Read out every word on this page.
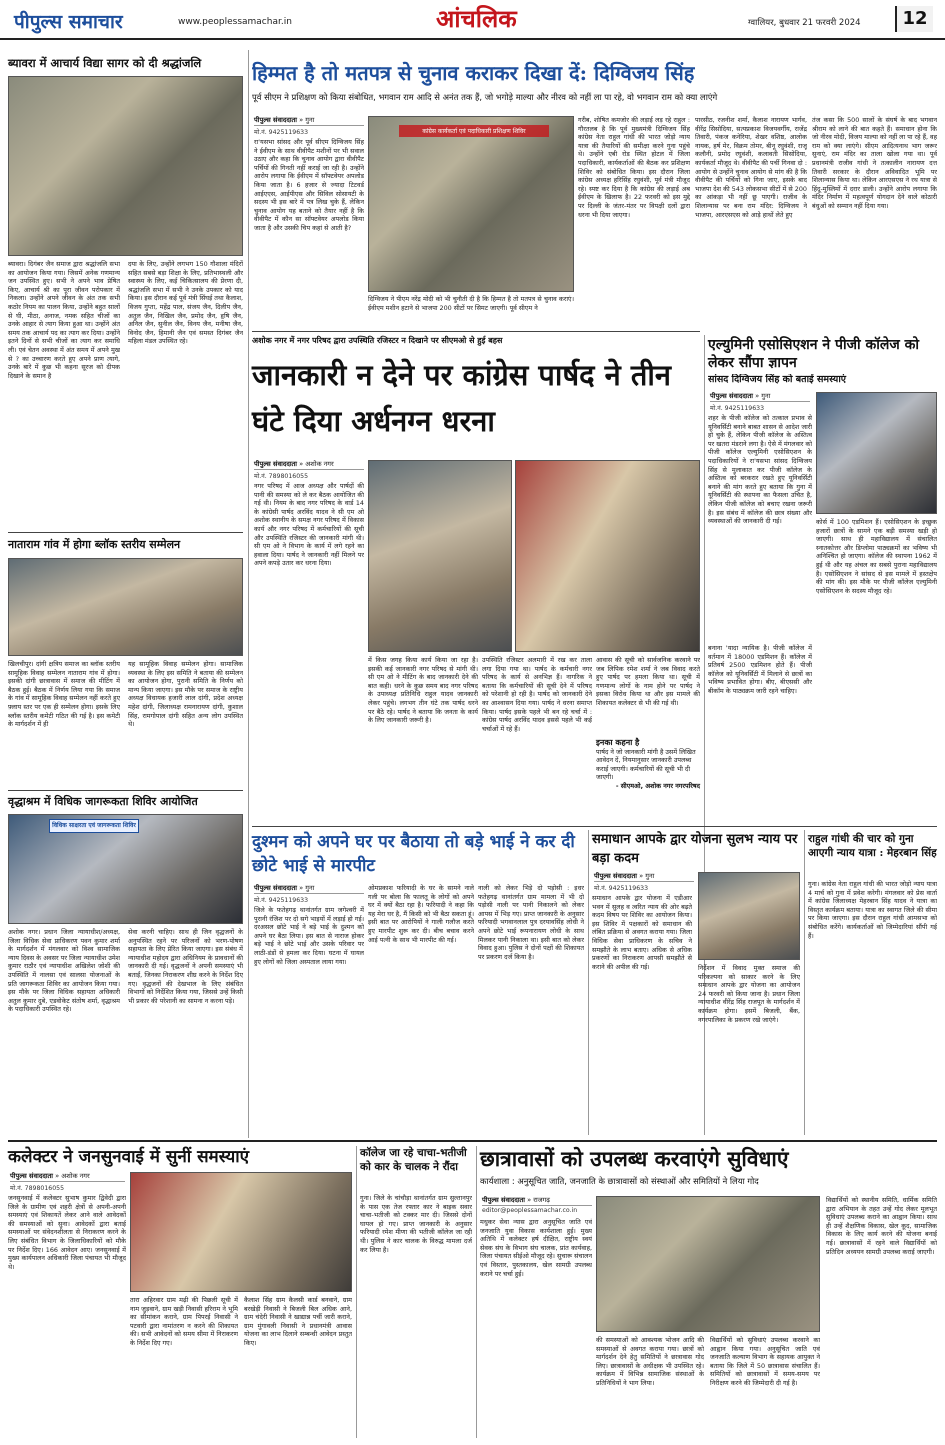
पीपुल्स समाचार	www.peoplessamachar.in	आंचलिक	ग्वालियर, बुधवार 21 फरवरी 2024	12
ब्यावरा में आचार्य विद्या सागर को दी श्रद्धांजलि
ब्यावरा। दिगंबर जैन समाज द्वारा श्रद्धांजलि सभा का आयोजन किया गया। जिसमें अनेक गणमान्य जन उपस्थित हुए। सभी ने अपने भाव प्रेषित किए, आचार्य श्री का पूरा जीवन परोपकार में निकला। उन्होंने अपने जीवन के अंत तक सभी कठोर नियम का पालन किया, उन्होंने बहुत सालों से घी, मीठा, अनाज, नमक सहित चीजों का उनके आहार से त्याग किया हुआ था। उन्होंने अंत समय तक आचार्य पद का त्याग कर दिया। उन्होंने इतने दिनों से सभी चीजों का त्याग कर समाधि ली। एवं चेतन अवस्था में अंत समय में अपने मुख से ? का उच्चारण करते हुए अपने प्राण त्यागे, उनके बारे में कुछ भी कहना सूरज को दीपक दिखाने के समान है
दया के लिए, उन्होंने लगभग 150 गौशाला मंदिरों सहित सबसे बड़ा शिक्षा के लिए, प्रतिभास्थली और स्वास्थ्य के लिए, कई चिकित्सालय की प्रेरणा दी, श्रद्धांजलि सभा में सभी ने उनके उपकार को याद किया। इस दौरान कई पूर्व मंत्री सिंघई तथा कैलाश, विजय गुप्ता, महेंद्र पाल, संजय जैन, दिलीप जैन, अतुल जैन, निखिल जैन, प्रमोद जैन, हृषि जैन, अनिल जैन, सुनील जैन, विनय जैन, मनीषा जैन, विनोद जैन, हिमानी जैन एवं समस्त दिगंबर जैन महिला मंडल उपस्थित रहे।
नाताराम गांव में होगा ब्लॉक स्तरीय सम्मेलन
खिलचीपुर। दांगी क्षत्रिय समाज का ब्लॉक स्तरीय सामूहिक विवाह सम्मेलन नाताराम गांव में होगा। इसकी दांगी छात्रावास में समाज की मीटिंग में बैठक हुई। बैठक में निर्णय लिया गया कि समाज के गांव में सामूहिक विवाह सम्मेलन नहीं करते हुए फ़्लाय स्तर पर एक ही सम्मेलन होगा। इसके लिए ब्लॉक स्तरीय कमेटी गठित की गई है। इस कमेटी के मार्गदर्शन में ही
यह सामूहिक विवाह सम्मेलन होगा। सामाजिक व्यवस्था के लिए इस समिति ने बताया की सम्मेलन का आयोजन होगा, पुरानी समिति के निर्णय को मान्य किया जाएगा। इस मौके पर समाज के राष्ट्रीय अध्यक्ष विधायक हजारी लाल दांगी, प्रदेश अध्यक्ष महेश दांगी, जिलाध्यक्ष रामनारायण दांगी, कुशाल सिंह, रामगोपाल दांगी सहित अन्य लोग उपस्थित थे।
वृद्धाश्रम में विधिक जागरूकता शिविर आयोजित
विधिक साक्षरता एवं जागरूकता शिविर
अशोक नगर। प्रधान जिला न्यायाधीश/अध्यक्ष, जिला विधिक सेवा प्राधिकरण पवन कुमार शर्मा के मार्गदर्शन में मंगलवार को विश्व सामाजिक न्याय दिवस के अवसर पर जिला न्यायाधीश उमेश कुमार राठौर एवं न्यायाधीश अखिलेश जोशी की उपस्थिति में नालसा एवं सालसा योजनाओं के प्रति जागरूकता शिविर का आयोजन किया गया। इस मौके पर जिला विधिक सहायता अधिकारी अतुल कुमार दुबे, एडवोकेट संतोष शर्मा, वृद्धाश्रम के पदाधिकारी उपस्थित रहे।
सेवा करनी चाहिए। साथ ही जिन वृद्धजनों के अनुपस्थित रहने पर परिजनों को भरण-पोषण सहायता के लिए प्रेरित किया जाएगा। इस संबंध में न्यायाधीश महोदय द्वारा अधिनियम के प्रावधानों की जानकारी दी गई। वृद्धजनों ने अपनी समस्याएं भी बताईं, जिनका निराकरण शीघ्र करने के निर्देश दिए गए। वृद्धजनों की देखभाल के लिए संबंधित विभागों को निर्देशित किया गया, जिससे उन्हें किसी भी प्रकार की परेशानी का सामना न करना पड़े।
हिम्मत है तो मतपत्र से चुनाव कराकर दिखा दें: दिग्विजय सिंह
पूर्व सीएम ने प्रशिक्षण को किया संबोधित, भगवान राम आदि से अनंत तक हैं, जो भगोड़े माल्या और नीरव को नहीं ला पा रहे, वो भगवान राम को क्या लाएंगे
पीपुल्स संवाददाता » गुना
मो.नं. 9425119633
रा'यसभा सांसद और पूर्व सीएम दिग्विजय सिंह ने ईवीएम के साथ वीवीपैट मशीनों पर भी सवाल उठाए और कहा कि चुनाव आयोग द्वारा वीवीपैट पर्चियों की गिनती नहीं कराई जा रही है। उन्होंने आरोप लगाया कि ईवीएम में सॉफ्टवेयर अपलोड किया जाता है। 6 हजार से ज्यादा टिटवर्ड आईएएस, आईपीएस और सिविल सोसायटी के सदस्य भी इस बारे में पत्र लिख चुके हैं, लेकिन चुनाव आयोग यह बताने को तैयार नहीं है कि वीवीपैट में कौन सा सॉफ्टवेयर अपलोड किया जाता है और उसकी चिप कहां से आती है?
कांग्रेस कार्यकर्ता एवं पदाधिकारी प्रशिक्षण शिविर
दिग्विजय ने पीएम नरेंद्र मोदी को भी चुनौती दी है कि हिम्मत है तो मतपत्र से चुनाव कराएं। ईवीएम मशीन हटाने से भाजपा 200 सीटों पर सिमट जाएगी। पूर्व सीएम ने
गरीब, शोषित कमजोर की लड़ाई लड़ रहे राहुल : गौरतलब है कि पूर्व मुख्यमंत्री दिग्विजय सिंह कांग्रेस नेता राहुल गांधी की भारत जोड़ो न्याय यात्रा की तैयारियों की समीक्षा करने गुना पहुंचे थे। उन्होंने एबी रोड स्थित होटल में जिला पदाधिकारी, कार्यकर्ताओं की बैठक कर प्रशिक्षण शिविर को संबोधित किया। इस दौरान जिला कांग्रेस अध्यक्ष हरिसिंह रघुवंशी, पूर्व मंत्री मौजूद रहे। स्पष्ट कर दिया है कि कांग्रेस की लड़ाई अब ईवीएम के खिलाफ है। 22 फरवरी को इस मुद्दे पर दिल्ली के जंतर-मंतर पर विपक्षी दलों द्वारा धरना भी दिया जाएगा।
पारसीठ, रजनीश शर्मा, कैलाश नारायण भार्गव, वीरेंद्र सिसोदिया, सत्यप्रकाश विजयवर्गीय, राजेंद्र तिवारी, पंकज कनेरिया, शेखर वशिष्ठ, आलोक नायक, हर्ष मेर, विक्रम तोमर, बीनू रघुवंशी, राजू कलौनी, प्रमोद रघुवंशी, कलावती सिसोदिया, कार्यकर्ता मौजूद थे। वीवीपैट की पर्ची गिनवा दो : आयोग से उन्होंने चुनाव आयोग से मांग की है कि वीवीपैट की पर्चियों को गिना जाए, इसके बाद भाजपा देश की 543 लोकसभा सीटों में से 200 का आंकड़ा भी नहीं छू पाएगी। राजीव के शिलान्यास पर बना राम मंदिर: दिग्विजय ने भाजपा, आरएसएस को आड़े हाथों लेते हुए
तंज कसा कि 500 सालों के संघर्ष के बाद भगवान श्रीराम को लाने की बात कहते हैं। समाधान होना कि जो नीरव मोदी, विजय माल्या को नहीं ला पा रहे हैं, वह राम को क्या लाएंगे। सीएम आदित्यनाथ भाग जरूर सुनाएं, राम मंदिर का ताला खोला गया था। पूर्व प्रधानमंत्री राजीव गांधी ने तत्कालीन नारायण दत्त तिवारी सरकार के दौरान अविवादित भूमि पर शिलान्यास किया था। लेकिन आरएसएस ने रथ यात्रा से हिंदू-मुस्लिमों में दरार डाली। उन्होंने आरोप लगाया कि मंदिर निर्माण में महत्वपूर्ण योगदान देने वाले कोठारी बंधुओं को सम्मान नहीं दिया गया।
अशोक नगर में नगर परिषद द्वारा उपस्थिति रजिस्टर न दिखाने पर सीएमओ से हुई बहस
जानकारी न देने पर कांग्रेस पार्षद ने तीन घंटे दिया अर्धनग्न धरना
पीपुल्स संवाददाता » अशोक नगर
मो.नं. 7898016055
नगर परिषद में आज अध्यक्ष और पार्षदों की पानी की समस्या को ले कर बैठक आयोजित की गई थी। नियम के बाद नगर परिषद के वार्ड 14 के कांग्रेसी पार्षद अरविंद यादव ने सी एम ओ अशोक स्थानीय के समक्ष नगर परिषद में विकास कार्य और नगर परिषद में कर्मचारियों की सूची और उपस्थिति रजिस्टर की जानकारी मांगी थी। सी एम ओ ने विभाग के कार्य में लगे रहने का हवाला दिया। पार्षद ने जानकारी नहीं मिलने पर अपने कपड़े उतार कर धरना दिया।
में किस जगह किया कार्य किया जा रहा है। इसकी कई जानकारी नगर परिषद से मांगी थी। सी एम ओ ने मीटिंग के बाद जानकारी देने की बात कही। धरने के कुछ समय बाद नगर परिषद के उपाध्यक्ष प्रतिनिधि राहुल यादव जानकारी लेकर पहुंचे। लगभग तीन घंटे तक पार्षद धरने पर बैठे रहे। पार्षद ने बताया कि जनता के कार्य के लिए जानकारी जरूरी है।
उपस्थिति रजिस्टर अलमारी में रख कर ताला लगा दिया गया था। पार्षद के कर्मचारी नगर परिषद के कार्य से अनभिज्ञ हैं। नागरिक ने बताया कि कर्मचारियों की सूची देने में परिषद को परेशानी हो रही है। पार्षद को जानकारी देने का आश्वासन दिया गया। पार्षद ने धरना समाप्त किया। पार्षद इसके पहले भी बन रहे चर्चा में : कांग्रेस पार्षद अरविंद यादव इससे पहले भी कई चर्चाओं में रहे हैं।
आवास की सूची को सार्वजनिक करवाने पर जब लिपिक रमेश शर्मा ने जब विवाद करते हुए पार्षद पर हमला किया था। सूची में गणमान्य लोगों के नाम होने पर पार्षद ने इसका विरोध किया था और इस मामले की शिकायत कलेक्टर से भी की गई थी।
इनका कहना है
पार्षद ने जो जानकारी मांगी है उसमें लिखित आवेदन दें, नियमानुसार जानकारी उपलब्ध कराई जाएगी। कर्मचारियों की सूची भी दी जाएगी।
- सीएमओ, अशोक नगर नगरपरिषद
एल्युमिनी एसोसिएशन ने पीजी कॉलेज को लेकर सौंपा ज्ञापन
सांसद दिग्विजय सिंह को बताई समस्याएं
पीपुल्स संवाददाता » गुना
मो.नं. 9425119633
शहर के पीजी कॉलेज को तत्काल प्रभाव से यूनिवर्सिटी बनाने बाबत शासन से आदेश जारी हो चुके हैं, लेकिन पीजी कॉलेज के अस्तित्व पर खतरा मंडराने लगा है। ऐसे में मंगलवार को पीजी कॉलेज एल्युमिनी एसोसिएशन के पदाधिकारियों ने रा'यसभा सांसद दिग्विजय सिंह से मुलाकात कर पीजी कॉलेज के अस्तित्व को बरकरार रखते हुए यूनिवर्सिटी बनाने की मांग करते हुए बताया कि गुना में यूनिवर्सिटी की स्थापना का फैसला उचित है, लेकिन पीजी कॉलेज को बचाए रखना जरूरी है। इस संबंध में कॉलेज की छात्र संख्या और व्यवस्थाओं की जानकारी दी गई।
बनाना 'यादा न्यायिक है। पीजी कॉलेज में वर्तमान में 18000 एडमिशन हैं। कॉलेज में प्रतिवर्ष 2500 एडमिशन होते हैं। पीजी कॉलेज को यूनिवर्सिटी में मिलाने से छात्रों का भविष्य प्रभावित होगा। बीए, बीएससी और बीकॉम के पाठ्यक्रम जारी रहने चाहिए।
कोर्स में 100 एडमिशन हैं। एसोसिएशन के इच्छुक हजारों छात्रों के सामने एक बड़ी समस्या खड़ी हो जाएगी। साथ ही महाविद्यालय में संचालित स्नातकोत्तर और डिप्लोमा पाठ्यक्रमों का भविष्य भी अनिश्चित हो जाएगा। कॉलेज की स्थापना 1962 में हुई थी और यह अंचल का सबसे पुराना महाविद्यालय है। एसोसिएशन ने सांसद से इस मामले में हस्तक्षेप की मांग की। इस मौके पर पीजी कॉलेज एल्युमिनी एसोसिएशन के सदस्य मौजूद रहे।
दुश्मन को अपने घर पर बैठाया तो बड़े भाई ने कर दी छोटे भाई से मारपीट
पीपुल्स संवाददाता » गुना
मो.नं. 9425119633
जिले के फतेहगढ़ थानांतर्गत ग्राम जगेश्वरी में पुरानी रंजिश पर दो सगे भाइयों में लड़ाई हो गई। दरअसल छोटे भाई ने बड़े भाई के दुश्मन को अपने घर बैठा लिया। इस बात से नाराज होकर बड़े भाई ने छोटे भाई और उसके परिवार पर लाठी-डंडों से हमला कर दिया। घटना में घायल हुए लोगों को जिला अस्पताल लाया गया।
ओमप्रकाश फरियादी के घर के सामने नाले गली पर बोला कि फालतू के लोगों को अपने घर में क्यों बैठा रहा है। फरियादी ने कहा कि यह मेरा घर है, मैं किसी को भी बैठा सकता हूं। इसी बात पर आरोपियों ने गाली गलौज करते हुए मारपीट शुरू कर दी। बीच बचाव करने आई पत्नी के साथ भी मारपीट की गई।
नाली को लेकर भिड़े दो पड़ोसी : इधर फतेहगढ़ थानांतर्गत ग्राम मामला में भी दो पड़ोसी नाली पर पानी निकालने को लेकर आपस में भिड़ गए। प्राप्त जानकारी के अनुसार फरियादी भगवानलाल पुत्र दरयावसिंह लोधी ने अपने छोटे भाई रूपनारायण लोधी के साथ मिलकर पानी निकाला था। इसी बात को लेकर विवाद हुआ। पुलिस ने दोनों पक्षों की शिकायत पर प्रकरण दर्ज किया है।
समाधान आपके द्वार योजना सुलभ न्याय पर बड़ा कदम
पीपुल्स संवाददाता » गुना
मो.नं. 9425119633
समाधान आपके द्वार योजना में एडीआर भवन में सुलह व त्वरित न्याय की ओर बढ़ते कदम विषय पर शिविर का आयोजन किया। इस शिविर में पक्षकारों को समाधान की लंबित प्रक्रिया से अवगत कराया गया। जिला विधिक सेवा प्राधिकरण के सचिव ने समझौते के लाभ बताए। अधिक से अधिक प्रकरणों का निराकरण आपसी समझौते से कराने की अपील की गई।	निर्देशन में विवाद मुक्त समाज की परिकल्पना को साकार करने के लिए समाधान आपके द्वार योजना का आयोजन 24 फरवरी को किया जाना है। प्रधान जिला न्यायाधीश वीरेंद्र सिंह राजपूत के मार्गदर्शन में कार्यक्रम होगा। इसमें बिजली, बैंक, नगरपालिका के प्रकरण रखे जाएंगे।
राहुल गांधी की चार को गुना आएगी न्याय यात्रा : मेहरबान सिंह
गुना। कांग्रेस नेता राहुल गांधी की भारत जोड़ो न्याय यात्रा 4 मार्च को गुना में प्रवेश करेगी। मंगलवार को प्रेस वार्ता में कांग्रेस जिलाध्यक्ष मेहरबान सिंह यादव ने यात्रा का विस्तृत कार्यक्रम बताया। यात्रा का स्वागत जिले की सीमा पर किया जाएगा। इस दौरान राहुल गांधी आमसभा को संबोधित करेंगे। कार्यकर्ताओं को जिम्मेदारियां सौंपी गई हैं।
कलेक्टर ने जनसुनवाई में सुनीं समस्याएं
पीपुल्स संवाददाता » अशोक नगर
मो.नं. 7898016055
जनसुनवाई में कलेक्टर सुभाष कुमार द्विवेदी द्वारा जिले के ग्रामीण एवं शहरी क्षेत्रों से अपनी-अपनी समस्याएं एवं शिकायतें लेकर आने वाले आवेदकों की समस्याओं को सुना। आवेदकों द्वारा बताई समस्याओं पर संवेदनशीलता से निराकरण करने के लिए संबंधित विभाग के जिलाधिकारियों को मौके पर निर्देश दिए। 166 आवेदन आए। जनसुनवाई में मुख्य कार्यपालन अधिकारी जिला पंचायत भी मौजूद थे।
तारा अहिरवार ग्राम मढ़ी की पिछली सूची में नाम जुड़वाने, ग्राम खड़ी निवासी हरिराम ने भूमि का सीमांकन कराने, ग्राम पिपरई निवासी ने पटवारी द्वारा नामांतरण न करने की शिकायत की। सभी आवेदनों को समय सीमा में निराकरण के निर्देश दिए गए।
कैलाश सिंह ग्राम कैलसी कार्ड बनवाने, ग्राम बरखेड़ी निवासी ने बिजली बिल अधिक आने, ग्राम चंदेरी निवासी ने खाद्यान्न पर्ची जारी कराने, ग्राम मुंगावली निवासी ने प्रधानमंत्री आवास योजना का लाभ दिलाने सम्बन्धी आवेदन प्रस्तुत किए।
कॉलेज जा रहे चाचा-भतीजी को कार के चालक ने रौंदा
गुना। जिले के चांचौड़ा थानांतर्गत ग्राम सुल्तानपुर के पास एक तेज रफ्तार कार ने बाइक सवार चाचा-भतीजी को टक्कर मार दी। जिससे दोनों घायल हो गए। प्राप्त जानकारी के अनुसार फरियादी रमेश मीणा की भतीजी कॉलेज जा रही थी। पुलिस ने कार चालक के विरुद्ध मामला दर्ज कर लिया है।
छात्रावासों को उपलब्ध करवाएंगे सुविधाएं
कार्यशाला : अनुसूचित जाति, जनजाति के छात्रावासों को संस्थाओं और समितियों ने लिया गोद
पीपुल्स संवाददाता » राजगढ़
editor@peoplessamachar.co.in
मधुकर सेवा न्यास द्वारा अनुसूचित जाति एवं जनजाति युवा विकास कार्यशाला हुई। मुख्य अतिथि में कलेक्टर हर्ष दीक्षित, राष्ट्रीय स्वयं सेवक संघ के विभाग संघ चालक, प्रांत कार्यवाह, जिला पंचायत सीईओ मौजूद रहे। सुचारू संचालन एवं विस्तार, पुस्तकालय, खेल सामग्री उपलब्ध कराने पर चर्चा हुई।
की समस्याओं को आवश्यक भोजन आदि की समस्याओं से अवगत कराया गया। छात्रों को मार्गदर्शन देने हेतु समितियों ने छात्रावास गोद लिए। छात्रावासों के अधीक्षक भी उपस्थित रहे। कार्यक्रम में विभिन्न सामाजिक संस्थाओं के प्रतिनिधियों ने भाग लिया।
विद्यार्थियों को सुविधाएं उपलब्ध करवाने का आह्वान किया गया। अनुसूचित जाति एवं जनजाति कल्याण विभाग के सहायक आयुक्त ने बताया कि जिले में 50 छात्रावास संचालित हैं। समितियों को छात्रावासों में समय-समय पर निरीक्षण करने की जिम्मेदारी दी गई है।
विद्यार्थियों को स्थानीय समिति, धार्मिक समिति द्वारा अभियान के तहत उन्हें गोद लेकर मूलभूत सुविधाएं उपलब्ध कराने का आह्वान किया। साथ ही उन्हें शैक्षणिक विकास, खेल कूद, सामाजिक विकास के लिए कार्य करने की योजना बनाई गई। छात्रावासों में रहने वाले विद्यार्थियों को प्रतिदिन अध्ययन सामग्री उपलब्ध कराई जाएगी।
